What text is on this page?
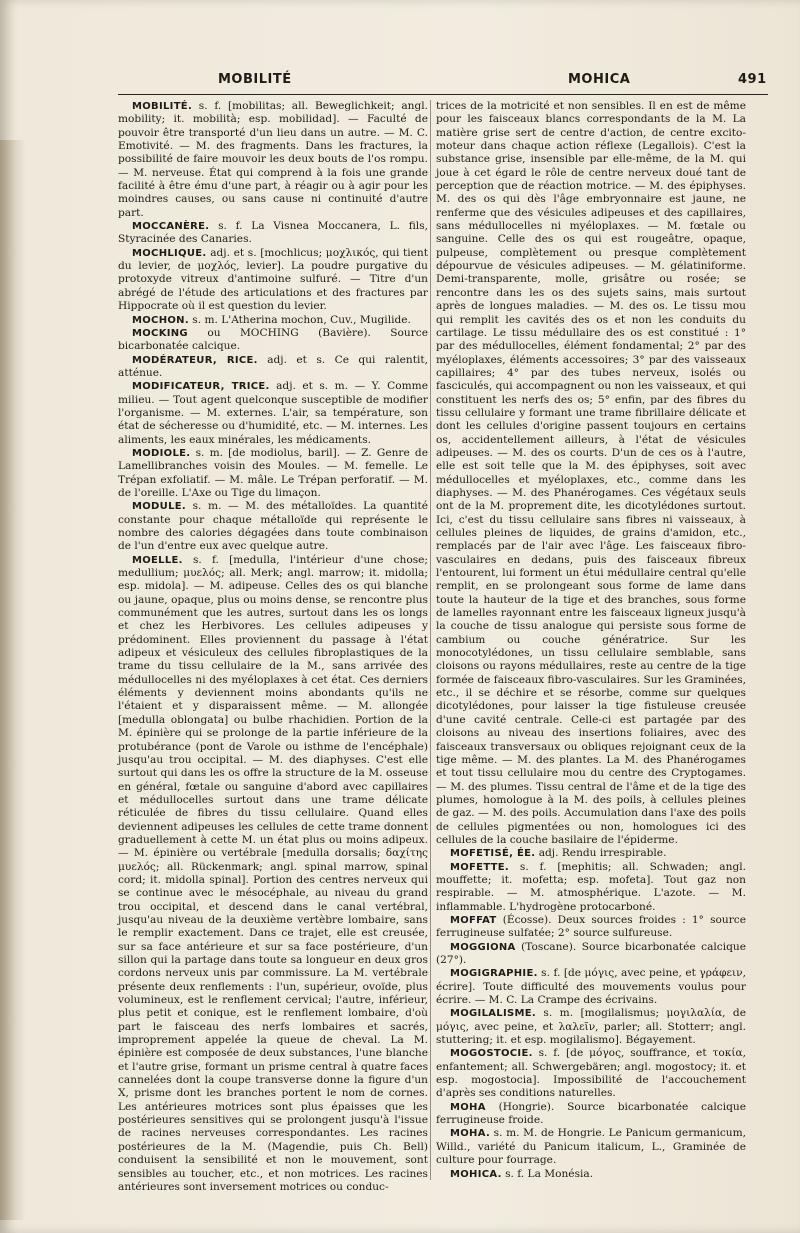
MOBILITÉ	MOHICA	491

MOBILITÉ. s. f. [mobilitas; all. Beweglichkeit; angl. mobility; it. mobilità; esp. mobilidad]. — Faculté de pouvoir être transporté d'un lieu dans un autre. — M. C. Emotivité. — M. des fragments. Dans les fractures, la possibilité de faire mouvoir les deux bouts de l'os rompu. — M. nerveuse. État qui comprend à la fois une grande facilité à être ému d'une part, à réagir ou à agir pour les moindres causes, ou sans cause ni continuité d'autre part.

MOCCANÈRE. s. f. La Visnea Moccanera, L. fils, Styracinée des Canaries.

MOCHLIQUE. adj. et s. [mochlicus; μοχλικός, qui tient du levier, de μοχλός, levier]. La poudre purgative du protoxyde vitreux d'antimoine sulfuré. — Titre d'un abrégé de l'étude des articulations et des fractures par Hippocrate où il est question du levier.

MOCHON. s. m. L'Atherina mochon, Cuv., Mugilide.

MOCKING ou MOCHING (Bavière). Source bicarbonatée calcique.

MODÉRATEUR, RICE. adj. et s. Ce qui ralentit, atténue.

MODIFICATEUR, TRICE. adj. et s. m. — Y. Comme milieu. — Tout agent quelconque susceptible de modifier l'organisme. — M. externes. L'air, sa température, son état de sécheresse ou d'humidité, etc. — M. internes. Les aliments, les eaux minérales, les médicaments.

MODIOLE. s. m. [de modiolus, baril]. — Z. Genre de Lamellibranches voisin des Moules. — M. femelle. Le Trépan exfoliatif. — M. mâle. Le Trépan perforatif. — M. de l'oreille. L'Axe ou Tige du limaçon.

MODULE. s. m. — M. des métalloïdes. La quantité constante pour chaque métalloïde qui représente le nombre des calories dégagées dans toute combinaison de l'un d'entre eux avec quelque autre.

MOELLE. s. f. [medulla, l'intérieur d'une chose; medullium; μυελός; all. Merk; angl. marrow; it. midolla; esp. midola]. — M. adipeuse. Celles des os qui blanche ou jaune, opaque, plus ou moins dense, se rencontre plus communément que les autres, surtout dans les os longs et chez les Herbivores. Les cellules adipeuses y prédominent. Elles proviennent du passage à l'état adipeux et vésiculeux des cellules fibroplastiques de la trame du tissu cellulaire de la M., sans arrivée des médullocelles ni des myéloplaxes à cet état. Ces derniers éléments y deviennent moins abondants qu'ils ne l'étaient et y disparaissent même. — M. allongée [medulla oblongata] ou bulbe rhachidien. Portion de la M. épinière qui se prolonge de la partie inférieure de la protubérance (pont de Varole ou isthme de l'encéphale) jusqu'au trou occipital. — M. des diaphyses. C'est elle surtout qui dans les os offre la structure de la M. osseuse en général, fœtale ou sanguine d'abord avec capillaires et médullocelles surtout dans une trame délicate réticulée de fibres du tissu cellulaire. Quand elles deviennent adipeuses les cellules de cette trame donnent graduellement à cette M. un état plus ou moins adipeux. — M. épinière ou vertébrale [medulla dorsalis; δαχίτης μυελός; all. Rückenmark; angl. spinal marrow, spinal cord; it. midolla spinal]. Portion des centres nerveux qui se continue avec le mésocéphale, au niveau du grand trou occipital, et descend dans le canal vertébral, jusqu'au niveau de la deuxième vertèbre lombaire, sans le remplir exactement. Dans ce trajet, elle est creusée, sur sa face antérieure et sur sa face postérieure, d'un sillon qui la partage dans toute sa longueur en deux gros cordons nerveux unis par commissure. La M. vertébrale présente deux renflements : l'un, supérieur, ovoïde, plus volumineux, est le renflement cervical; l'autre, inférieur, plus petit et conique, est le renflement lombaire, d'où part le faisceau des nerfs lombaires et sacrés, improprement appelée la queue de cheval. La M. épinière est composée de deux substances, l'une blanche et l'autre grise, formant un prisme central à quatre faces cannelées dont la coupe transverse donne la figure d'un X, prisme dont les branches portent le nom de cornes. Les antérieures motrices sont plus épaisses que les postérieures sensitives qui se prolongent jusqu'à l'issue de racines nerveuses correspondantes. Les racines postérieures de la M. (Magendie, puis Ch. Bell) conduisent la sensibilité et non le mouvement, sont sensibles au toucher, etc., et non motrices. Les racines antérieures sont inversement motrices ou conduc-

trices de la motricité et non sensibles. Il en est de même pour les faisceaux blancs correspondants de la M. La matière grise sert de centre d'action, de centre excito-moteur dans chaque action réflexe (Legallois). C'est la substance grise, insensible par elle-même, de la M. qui joue à cet égard le rôle de centre nerveux doué tant de perception que de réaction motrice. — M. des épiphyses. M. des os qui dès l'âge embryonnaire est jaune, ne renferme que des vésicules adipeuses et des capillaires, sans médullocelles ni myéloplaxes. — M. fœtale ou sanguine. Celle des os qui est rougeâtre, opaque, pulpeuse, complètement ou presque complètement dépourvue de vésicules adipeuses. — M. gélatiniforme. Demi-transparente, molle, grisâtre ou rosée; se rencontre dans les os des sujets sains, mais surtout après de longues maladies. — M. des os. Le tissu mou qui remplit les cavités des os et non les conduits du cartilage. Le tissu médullaire des os est constitué : 1° par des médullocelles, élément fondamental; 2° par des myéloplaxes, éléments accessoires; 3° par des vaisseaux capillaires; 4° par des tubes nerveux, isolés ou fasciculés, qui accompagnent ou non les vaisseaux, et qui constituent les nerfs des os; 5° enfin, par des fibres du tissu cellulaire y formant une trame fibrillaire délicate et dont les cellules d'origine passent toujours en certains os, accidentellement ailleurs, à l'état de vésicules adipeuses. — M. des os courts. D'un de ces os à l'autre, elle est soit telle que la M. des épiphyses, soit avec médullocelles et myéloplaxes, etc., comme dans les diaphyses. — M. des Phanérogames. Ces végétaux seuls ont de la M. proprement dite, les dicotylédones surtout. Ici, c'est du tissu cellulaire sans fibres ni vaisseaux, à cellules pleines de liquides, de grains d'amidon, etc., remplacés par de l'air avec l'âge. Les faisceaux fibro-vasculaires en dedans, puis des faisceaux fibreux l'entourent, lui forment un étui médullaire central qu'elle remplit, en se prolongeant sous forme de lame dans toute la hauteur de la tige et des branches, sous forme de lamelles rayonnant entre les faisceaux ligneux jusqu'à la couche de tissu analogue qui persiste sous forme de cambium ou couche génératrice. Sur les monocotylédones, un tissu cellulaire semblable, sans cloisons ou rayons médullaires, reste au centre de la tige formée de faisceaux fibro-vasculaires. Sur les Graminées, etc., il se déchire et se résorbe, comme sur quelques dicotylédones, pour laisser la tige fistuleuse creusée d'une cavité centrale. Celle-ci est partagée par des cloisons au niveau des insertions foliaires, avec des faisceaux transversaux ou obliques rejoignant ceux de la tige même. — M. des plantes. La M. des Phanérogames et tout tissu cellulaire mou du centre des Cryptogames. — M. des plumes. Tissu central de l'âme et de la tige des plumes, homologue à la M. des poils, à cellules pleines de gaz. — M. des poils. Accumulation dans l'axe des poils de cellules pigmentées ou non, homologues ici des cellules de la couche basilaire de l'épiderme.

MOFETISÉ, ÉE. adj. Rendu irrespirable.

MOFETTE. s. f. [mephitis; all. Schwaden; angl. mouffette; it. mofetta; esp. mofeta]. Tout gaz non respirable. — M. atmosphérique. L'azote. — M. inflammable. L'hydrogène protocarboné.

MOFFAT (Écosse). Deux sources froides : 1° source ferrugineuse sulfatée; 2° source sulfureuse.

MOGGIONA (Toscane). Source bicarbonatée calcique (27°).

MOGIGRAPHIE. s. f. [de μόγις, avec peine, et γράφειν, écrire]. Toute difficulté des mouvements voulus pour écrire. — M. C. La Crampe des écrivains.

MOGILALISME. s. m. [mogilalismus; μογιλαλία, de μόγις, avec peine, et λαλεῖν, parler; all. Stotterr; angl. stuttering; it. et esp. mogilalismo]. Bégayement.

MOGOSTOCIE. s. f. [de μόγος, souffrance, et τοκία, enfantement; all. Schwergebären; angl. mogostocy; it. et esp. mogostocia]. Impossibilité de l'accouchement d'après ses conditions naturelles.

MOHA (Hongrie). Source bicarbonatée calcique ferrugineuse froide.

MOHA. s. m. M. de Hongrie. Le Panicum germanicum, Willd., variété du Panicum italicum, L., Graminée de culture pour fourrage.

MOHICA. s. f. La Monésia.
